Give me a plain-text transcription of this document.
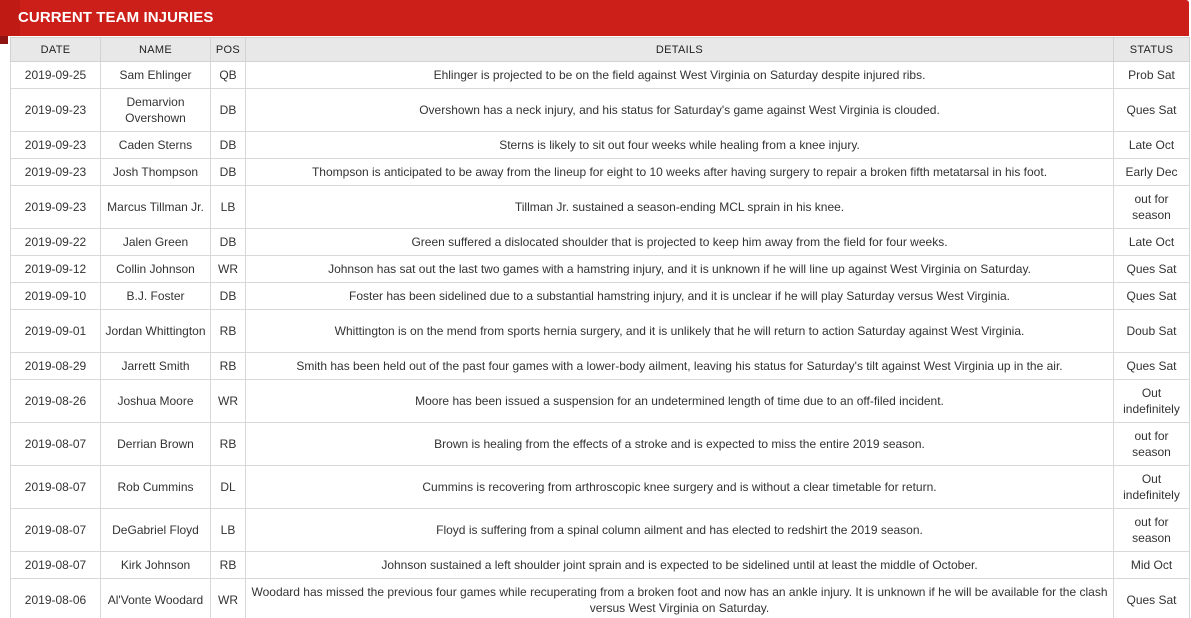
CURRENT TEAM INJURIES
DATE	NAME	POS	DETAILS	STATUS
2019-09-25	Sam Ehlinger	QB	Ehlinger is projected to be on the field against West Virginia on Saturday despite injured ribs.	Prob Sat
2019-09-23	Demarvion Overshown	DB	Overshown has a neck injury, and his status for Saturday's game against West Virginia is clouded.	Ques Sat
2019-09-23	Caden Sterns	DB	Sterns is likely to sit out four weeks while healing from a knee injury.	Late Oct
2019-09-23	Josh Thompson	DB	Thompson is anticipated to be away from the lineup for eight to 10 weeks after having surgery to repair a broken fifth metatarsal in his foot.	Early Dec
2019-09-23	Marcus Tillman Jr.	LB	Tillman Jr. sustained a season-ending MCL sprain in his knee.	out for season
2019-09-22	Jalen Green	DB	Green suffered a dislocated shoulder that is projected to keep him away from the field for four weeks.	Late Oct
2019-09-12	Collin Johnson	WR	Johnson has sat out the last two games with a hamstring injury, and it is unknown if he will line up against West Virginia on Saturday.	Ques Sat
2019-09-10	B.J. Foster	DB	Foster has been sidelined due to a substantial hamstring injury, and it is unclear if he will play Saturday versus West Virginia.	Ques Sat
2019-09-01	Jordan Whittington	RB	Whittington is on the mend from sports hernia surgery, and it is unlikely that he will return to action Saturday against West Virginia.	Doub Sat
2019-08-29	Jarrett Smith	RB	Smith has been held out of the past four games with a lower-body ailment, leaving his status for Saturday's tilt against West Virginia up in the air.	Ques Sat
2019-08-26	Joshua Moore	WR	Moore has been issued a suspension for an undetermined length of time due to an off-filed incident.	Out indefinitely
2019-08-07	Derrian Brown	RB	Brown is healing from the effects of a stroke and is expected to miss the entire 2019 season.	out for season
2019-08-07	Rob Cummins	DL	Cummins is recovering from arthroscopic knee surgery and is without a clear timetable for return.	Out indefinitely
2019-08-07	DeGabriel Floyd	LB	Floyd is suffering from a spinal column ailment and has elected to redshirt the 2019 season.	out for season
2019-08-07	Kirk Johnson	RB	Johnson sustained a left shoulder joint sprain and is expected to be sidelined until at least the middle of October.	Mid Oct
2019-08-06	Al'Vonte Woodard	WR	Woodard has missed the previous four games while recuperating from a broken foot and now has an ankle injury. It is unknown if he will be available for the clash versus West Virginia on Saturday.	Ques Sat
